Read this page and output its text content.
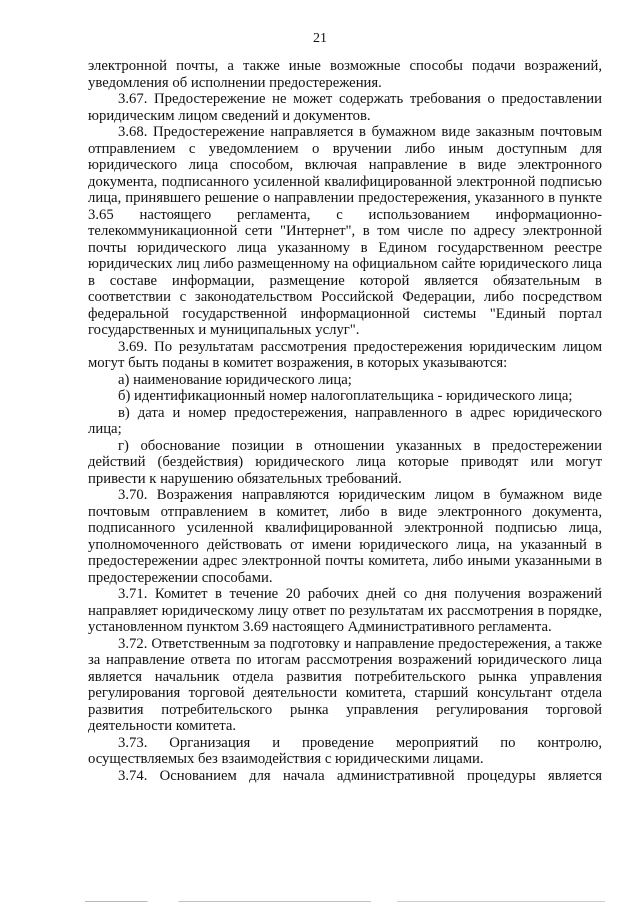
21

электронной почты, а также иные возможные способы подачи возражений, уведомления об исполнении предостережения.

3.67. Предостережение не может содержать требования о предоставлении юридическим лицом сведений и документов.

3.68. Предостережение направляется в бумажном виде заказным почтовым отправлением с уведомлением о вручении либо иным доступным для юридического лица способом, включая направление в виде электронного документа, подписанного усиленной квалифицированной электронной подписью лица, принявшего решение о направлении предостережения, указанного в пункте 3.65 настоящего регламента, с использованием информационно-телекоммуникационной сети "Интернет", в том числе по адресу электронной почты юридического лица указанному в Едином государственном реестре юридических лиц либо размещенному на официальном сайте юридического лица в составе информации, размещение которой является обязательным в соответствии с законодательством Российской Федерации, либо посредством федеральной государственной информационной системы "Единый портал государственных и муниципальных услуг".

3.69. По результатам рассмотрения предостережения юридическим лицом могут быть поданы в комитет возражения, в которых указываются:

а) наименование юридического лица;

б) идентификационный номер налогоплательщика - юридического лица;

в) дата и номер предостережения, направленного в адрес юридического лица;

г) обоснование позиции в отношении указанных в предостережении действий (бездействия) юридического лица которые приводят или могут привести к нарушению обязательных требований.

3.70. Возражения направляются юридическим лицом в бумажном виде почтовым отправлением в комитет, либо в виде электронного документа, подписанного усиленной квалифицированной электронной подписью лица, уполномоченного действовать от имени юридического лица, на указанный в предостережении адрес электронной почты комитета, либо иными указанными в предостережении способами.

3.71. Комитет в течение 20 рабочих дней со дня получения возражений направляет юридическому лицу ответ по результатам их рассмотрения в порядке, установленном пунктом 3.69 настоящего Административного регламента.

3.72. Ответственным за подготовку и направление предостережения, а также за направление ответа по итогам рассмотрения возражений юридического лица является начальник отдела развития потребительского рынка управления регулирования торговой деятельности комитета, старший консультант отдела развития потребительского рынка управления регулирования торговой деятельности комитета.

3.73. Организация и проведение мероприятий по контролю, осуществляемых без взаимодействия с юридическими лицами.

3.74. Основанием для начала административной процедуры является
